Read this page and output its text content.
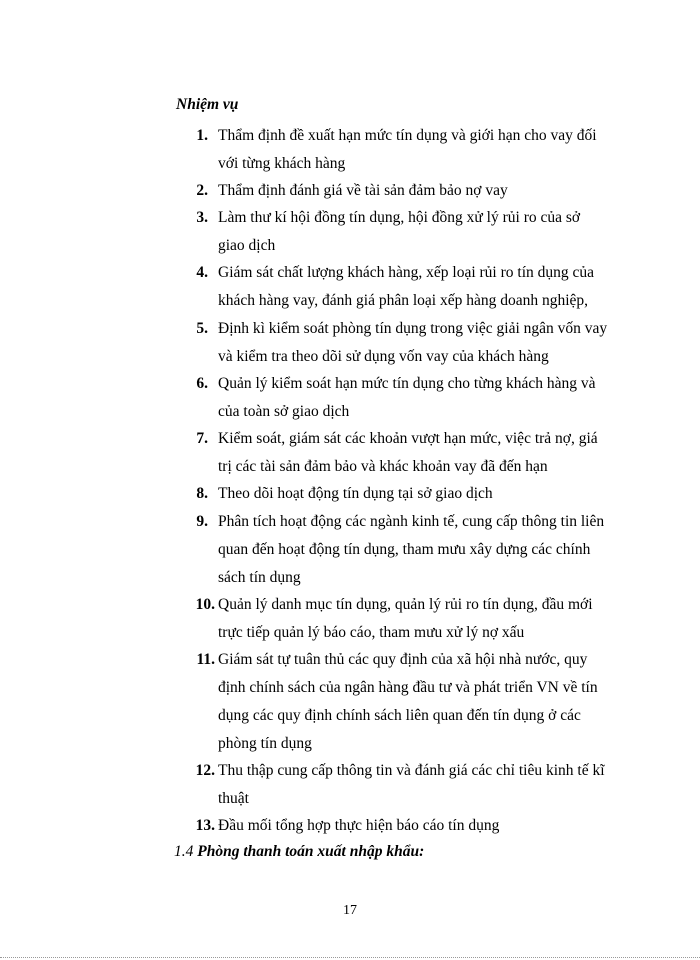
Nhiệm vụ
1. Thẩm định đề xuất hạn mức tín dụng và giới hạn cho vay đối
với từng khách hàng
2. Thẩm định đánh giá về tài sản đảm bảo nợ vay
3. Làm thư kí hội đồng tín dụng, hội đồng xử lý rủi ro của sở
giao dịch
4. Giám sát chất lượng khách hàng, xếp loại rủi ro tín dụng của
khách hàng vay, đánh giá phân loại xếp hàng doanh nghiệp,
5. Định kì kiểm soát phòng tín dụng trong việc giải ngân vốn vay
và kiểm tra theo dõi sử dụng vốn vay của khách hàng
6. Quản lý kiểm soát hạn mức tín dụng cho từng khách hàng và
của toàn sở giao dịch
7. Kiểm soát, giám sát các khoản vượt hạn mức, việc trả nợ, giá
trị các tài sản đảm bảo và khác khoản vay đã đến hạn
8. Theo dõi hoạt động tín dụng tại sở giao dịch
9. Phân tích hoạt động các ngành kinh tế, cung cấp thông tin liên
quan đến hoạt động tín dụng, tham mưu xây dựng các chính
sách tín dụng
10. Quản lý danh mục tín dụng, quản lý rủi ro tín dụng, đầu mới
trực tiếp quản lý báo cáo, tham mưu xử lý nợ xấu
11. Giám sát tự tuân thủ các quy định của xã hội nhà nước, quy
định chính sách của ngân hàng đầu tư và phát triển VN về tín
dụng các quy định chính sách liên quan đến tín dụng ở các
phòng tín dụng
12. Thu thập cung cấp thông tin và đánh giá các chỉ tiêu kinh tế kĩ
thuật
13. Đầu mối tổng hợp thực hiện báo cáo tín dụng
1.4 Phòng thanh toán xuất nhập khẩu:
17
